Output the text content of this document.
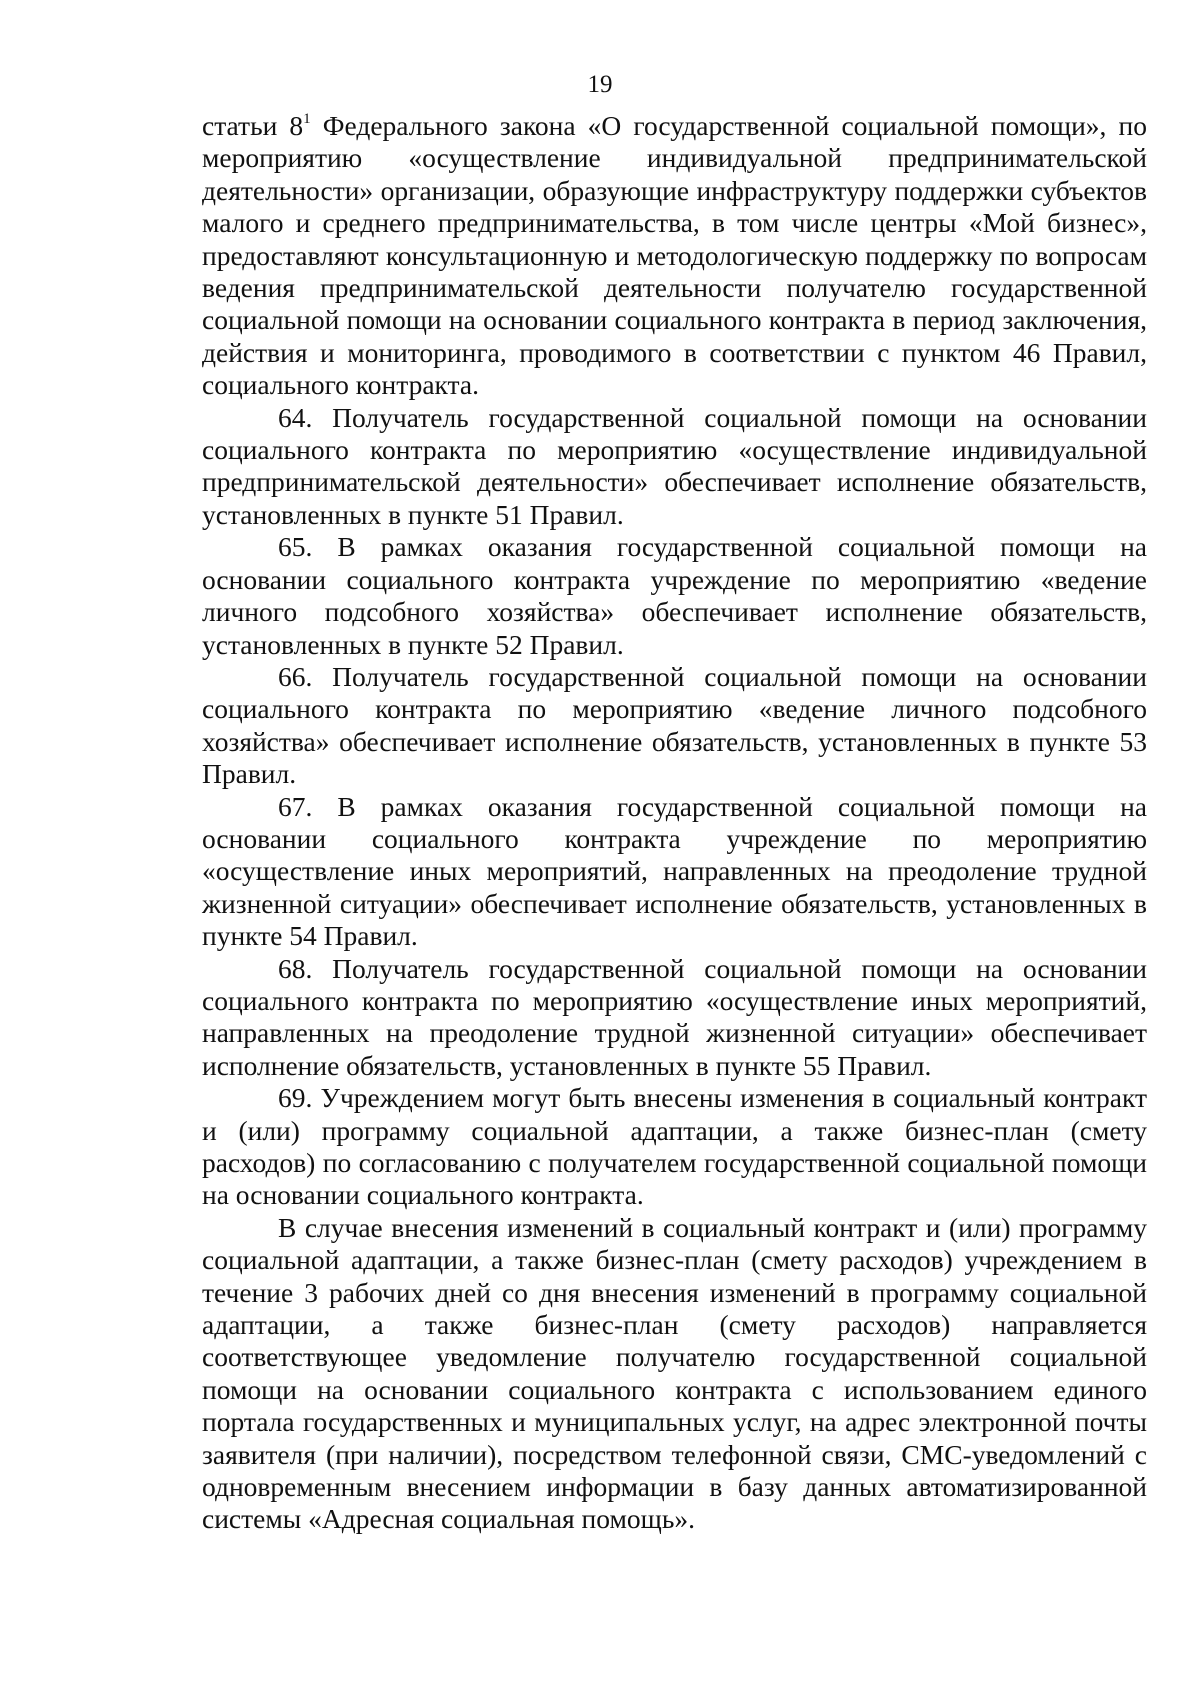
19

статьи $8^1$ Федерального закона «О государственной социальной помощи», по мероприятию «осуществление индивидуальной предпринимательской деятельности» организации, образующие инфраструктуру поддержки субъектов малого и среднего предпринимательства, в том числе центры «Мой бизнес», предоставляют консультационную и методологическую поддержку по вопросам ведения предпринимательской деятельности получателю государственной социальной помощи на основании социального контракта в период заключения, действия и мониторинга, проводимого в соответствии с пунктом 46 Правил, социального контракта.

64. Получатель государственной социальной помощи на основании социального контракта по мероприятию «осуществление индивидуальной предпринимательской деятельности» обеспечивает исполнение обязательств, установленных в пункте 51 Правил.

65. В рамках оказания государственной социальной помощи на основании социального контракта учреждение по мероприятию «ведение личного подсобного хозяйства» обеспечивает исполнение обязательств, установленных в пункте 52 Правил.

66. Получатель государственной социальной помощи на основании социального контракта по мероприятию «ведение личного подсобного хозяйства» обеспечивает исполнение обязательств, установленных в пункте 53 Правил.

67. В рамках оказания государственной социальной помощи на основании социального контракта учреждение по мероприятию «осуществление иных мероприятий, направленных на преодоление трудной жизненной ситуации» обеспечивает исполнение обязательств, установленных в пункте 54 Правил.

68. Получатель государственной социальной помощи на основании социального контракта по мероприятию «осуществление иных мероприятий, направленных на преодоление трудной жизненной ситуации» обеспечивает исполнение обязательств, установленных в пункте 55 Правил.

69. Учреждением могут быть внесены изменения в социальный контракт и (или) программу социальной адаптации, а также бизнес-план (смету расходов) по согласованию с получателем государственной социальной помощи на основании социального контракта.

В случае внесения изменений в социальный контракт и (или) программу социальной адаптации, а также бизнес-план (смету расходов) учреждением в течение 3 рабочих дней со дня внесения изменений в программу социальной адаптации, а также бизнес-план (смету расходов) направляется соответствующее уведомление получателю государственной социальной помощи на основании социального контракта с использованием единого портала государственных и муниципальных услуг, на адрес электронной почты заявителя (при наличии), посредством телефонной связи, СМС-уведомлений с одновременным внесением информации в базу данных автоматизированной системы «Адресная социальная помощь».
